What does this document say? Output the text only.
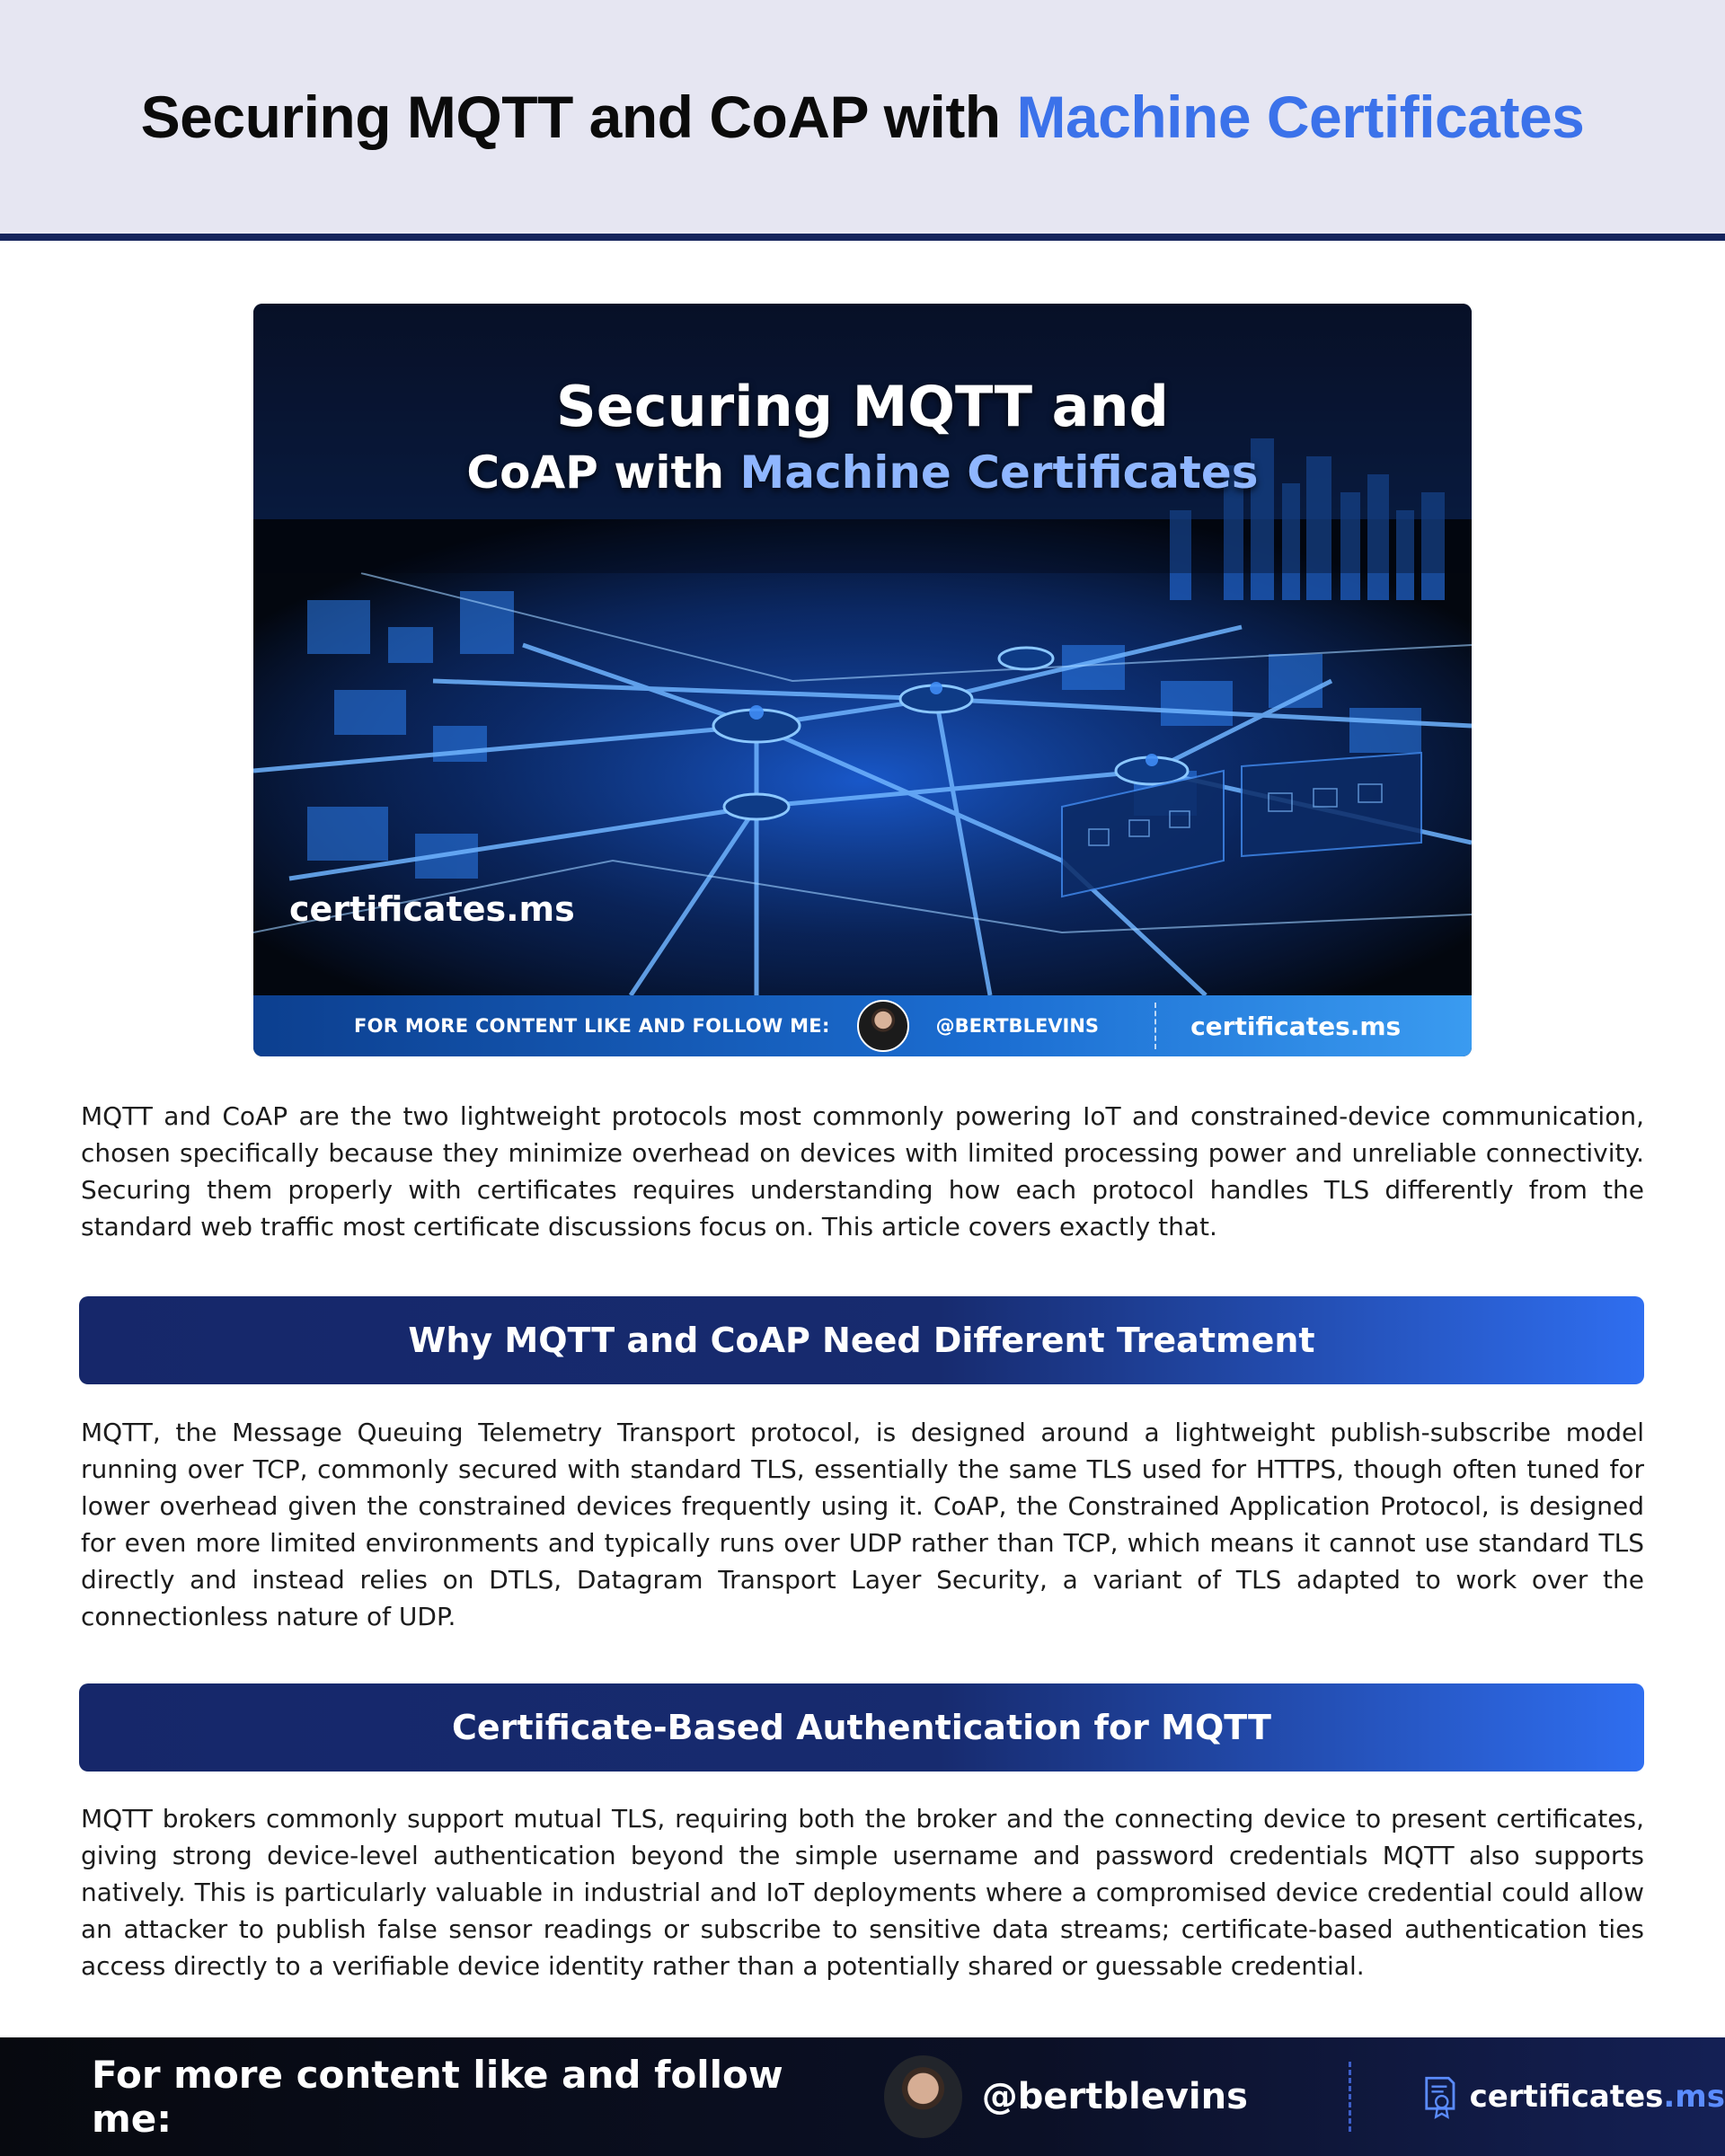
Securing MQTT and CoAP with Machine Certificates
Securing MQTT and
CoAP with Machine Certificates
certificates.ms
FOR MORE CONTENT LIKE AND FOLLOW ME:	@BERTBLEVINS	certificates.ms

MQTT and CoAP are the two lightweight protocols most commonly powering IoT and constrained-device communication, chosen specifically because they minimize overhead on devices with limited processing power and unreliable connectivity. Securing them properly with certificates requires understanding how each protocol handles TLS differently from the standard web traffic most certificate discussions focus on. This article covers exactly that.

Why MQTT and CoAP Need Different Treatment

MQTT, the Message Queuing Telemetry Transport protocol, is designed around a lightweight publish-subscribe model running over TCP, commonly secured with standard TLS, essentially the same TLS used for HTTPS, though often tuned for lower overhead given the constrained devices frequently using it. CoAP, the Constrained Application Protocol, is designed for even more limited environments and typically runs over UDP rather than TCP, which means it cannot use standard TLS directly and instead relies on DTLS, Datagram Transport Layer Security, a variant of TLS adapted to work over the connectionless nature of UDP.

Certificate-Based Authentication for MQTT

MQTT brokers commonly support mutual TLS, requiring both the broker and the connecting device to present certificates, giving strong device-level authentication beyond the simple username and password credentials MQTT also supports natively. This is particularly valuable in industrial and IoT deployments where a compromised device credential could allow an attacker to publish false sensor readings or subscribe to sensitive data streams; certificate-based authentication ties access directly to a verifiable device identity rather than a potentially shared or guessable credential.

For more content like and follow me:	@bertblevins	certificates.ms
